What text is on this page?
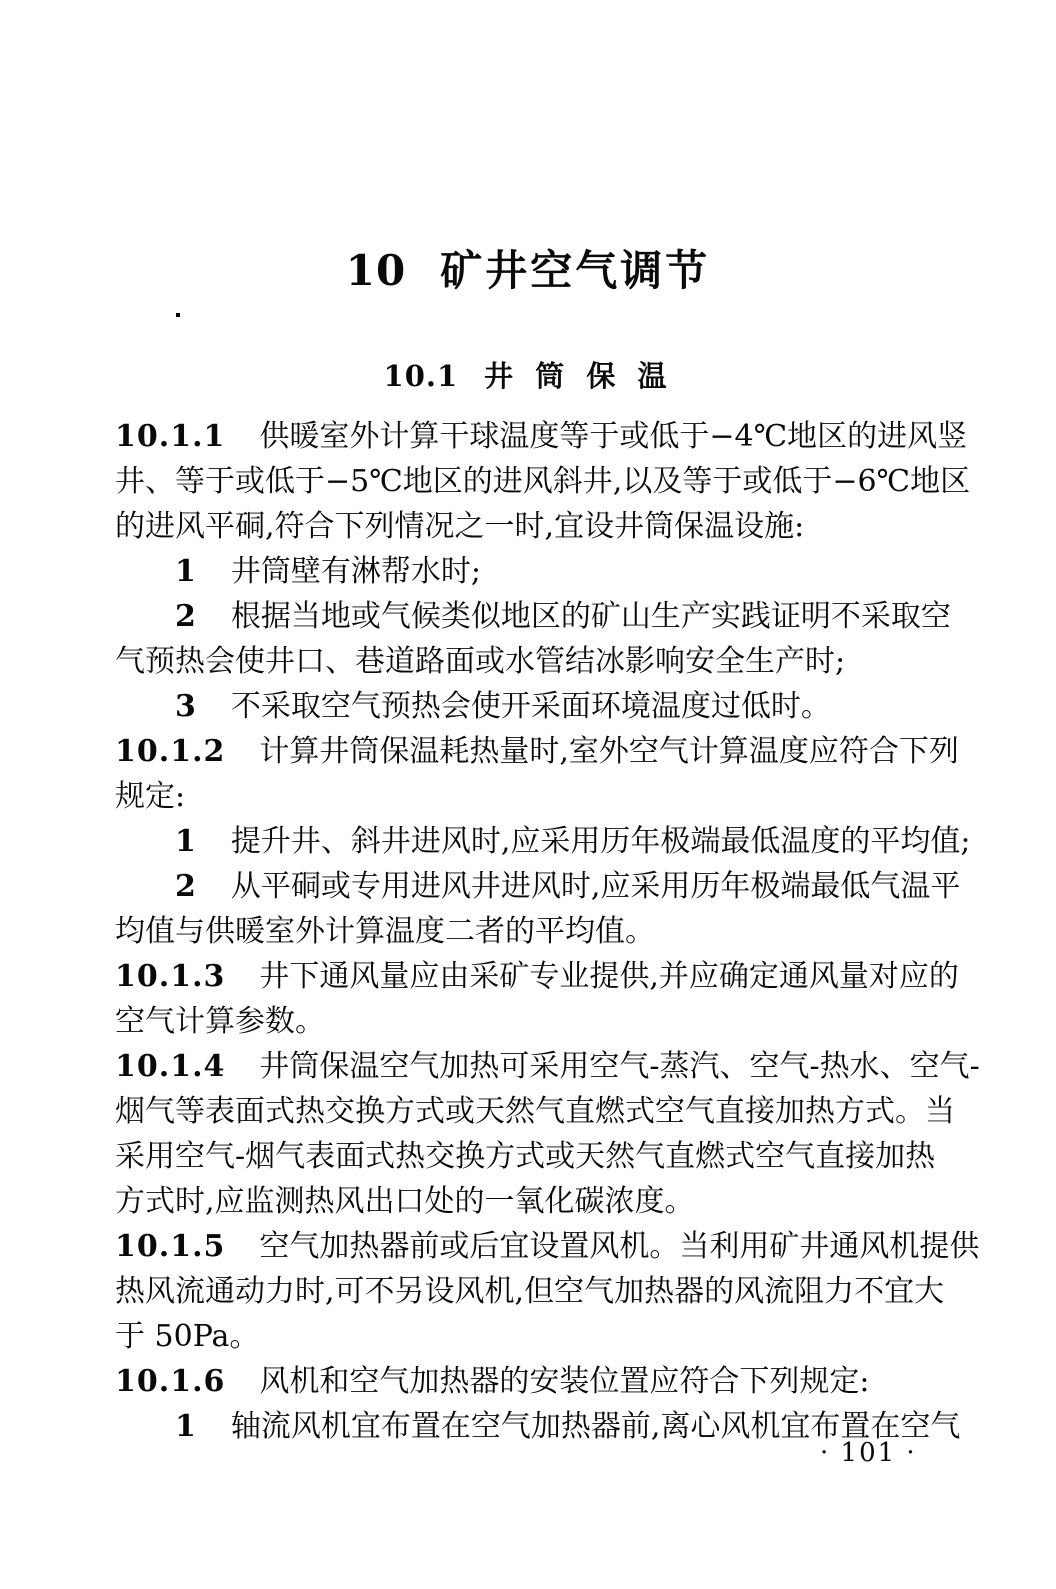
10 矿井空气调节
10.1 井 筒 保 温

10.1.1 供暖室外计算干球温度等于或低于−4℃地区的进风竖

井、等于或低于−5℃地区的进风斜井,以及等于或低于−6℃地区

的进风平硐,符合下列情况之一时,宜设井筒保温设施:

1 井筒壁有淋帮水时;

2 根据当地或气候类似地区的矿山生产实践证明不采取空

气预热会使井口、巷道路面或水管结冰影响安全生产时;

3 不采取空气预热会使开采面环境温度过低时。

10.1.2 计算井筒保温耗热量时,室外空气计算温度应符合下列

规定:

1 提升井、斜井进风时,应采用历年极端最低温度的平均值;

2 从平硐或专用进风井进风时,应采用历年极端最低气温平

均值与供暖室外计算温度二者的平均值。

10.1.3 井下通风量应由采矿专业提供,并应确定通风量对应的

空气计算参数。

10.1.4 井筒保温空气加热可采用空气-蒸汽、空气-热水、空气-

烟气等表面式热交换方式或天然气直燃式空气直接加热方式。当

采用空气-烟气表面式热交换方式或天然气直燃式空气直接加热

方式时,应监测热风出口处的一氧化碳浓度。

10.1.5 空气加热器前或后宜设置风机。当利用矿井通风机提供

热风流通动力时,可不另设风机,但空气加热器的风流阻力不宜大

于 50Pa。

10.1.6 风机和空气加热器的安装位置应符合下列规定:

1 轴流风机宜布置在空气加热器前,离心风机宜布置在空气

· 101 ·
